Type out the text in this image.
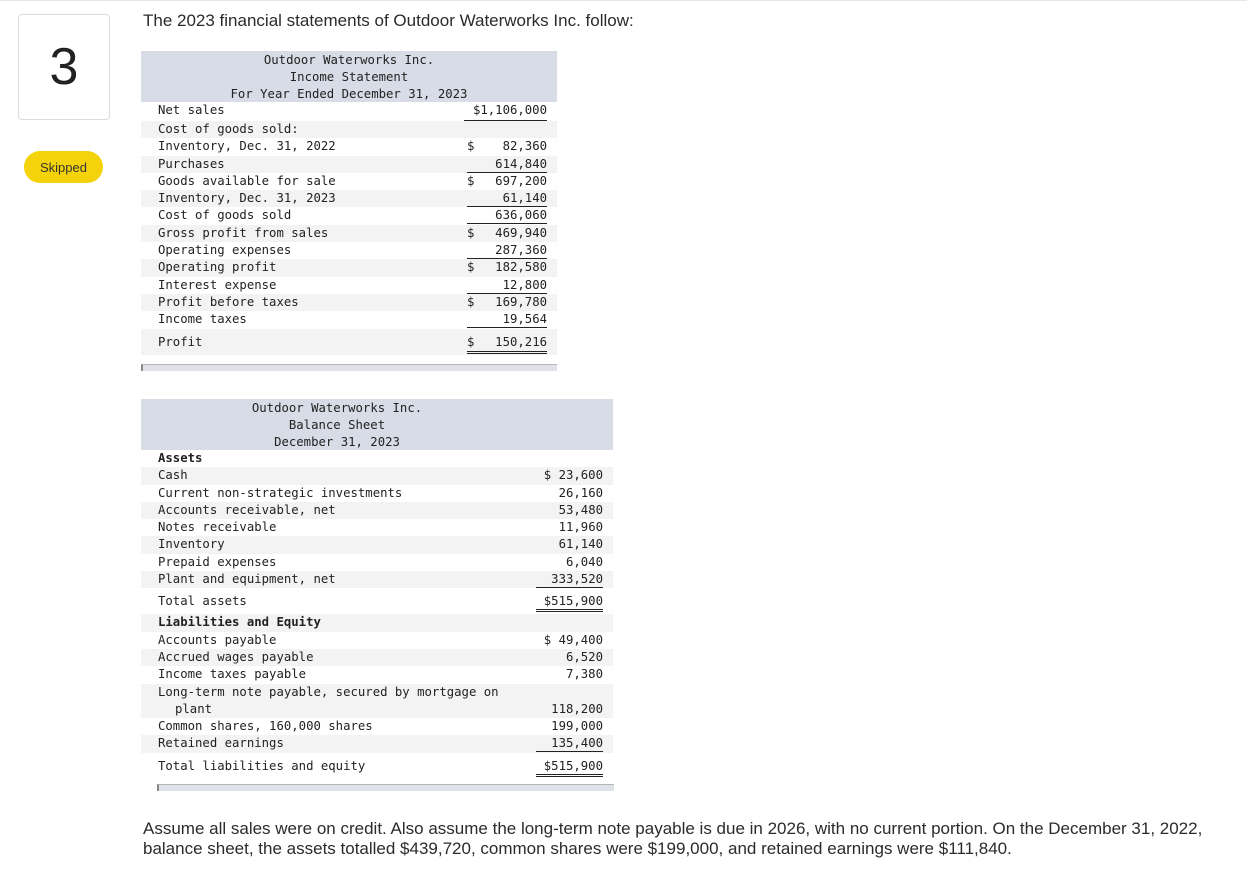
3
Skipped

The 2023 financial statements of Outdoor Waterworks Inc. follow:

Outdoor Waterworks Inc.
Income Statement
For Year Ended December 31, 2023
Net sales	$1,106,000
Cost of goods sold:
Inventory, Dec. 31, 2022	$ 82,360
Purchases	614,840
Goods available for sale	$ 697,200
Inventory, Dec. 31, 2023	61,140
Cost of goods sold	636,060
Gross profit from sales	$ 469,940
Operating expenses	287,360
Operating profit	$ 182,580
Interest expense	12,800
Profit before taxes	$ 169,780
Income taxes	19,564
Profit	$ 150,216
Outdoor Waterworks Inc.
Balance Sheet
December 31, 2023
Assets
Cash	$ 23,600
Current non-strategic investments	26,160
Accounts receivable, net	53,480
Notes receivable	11,960
Inventory	61,140
Prepaid expenses	6,040
Plant and equipment, net	333,520
Total assets	$515,900
Liabilities and Equity
Accounts payable	$ 49,400
Accrued wages payable	6,520
Income taxes payable	7,380
Long-term note payable, secured by mortgage on
plant	118,200
Common shares, 160,000 shares	199,000
Retained earnings	135,400
Total liabilities and equity	$515,900

Assume all sales were on credit. Also assume the long-term note payable is due in 2026, with no current portion. On the December 31, 2022, balance sheet, the assets totalled $439,720, common shares were $199,000, and retained earnings were $111,840.
